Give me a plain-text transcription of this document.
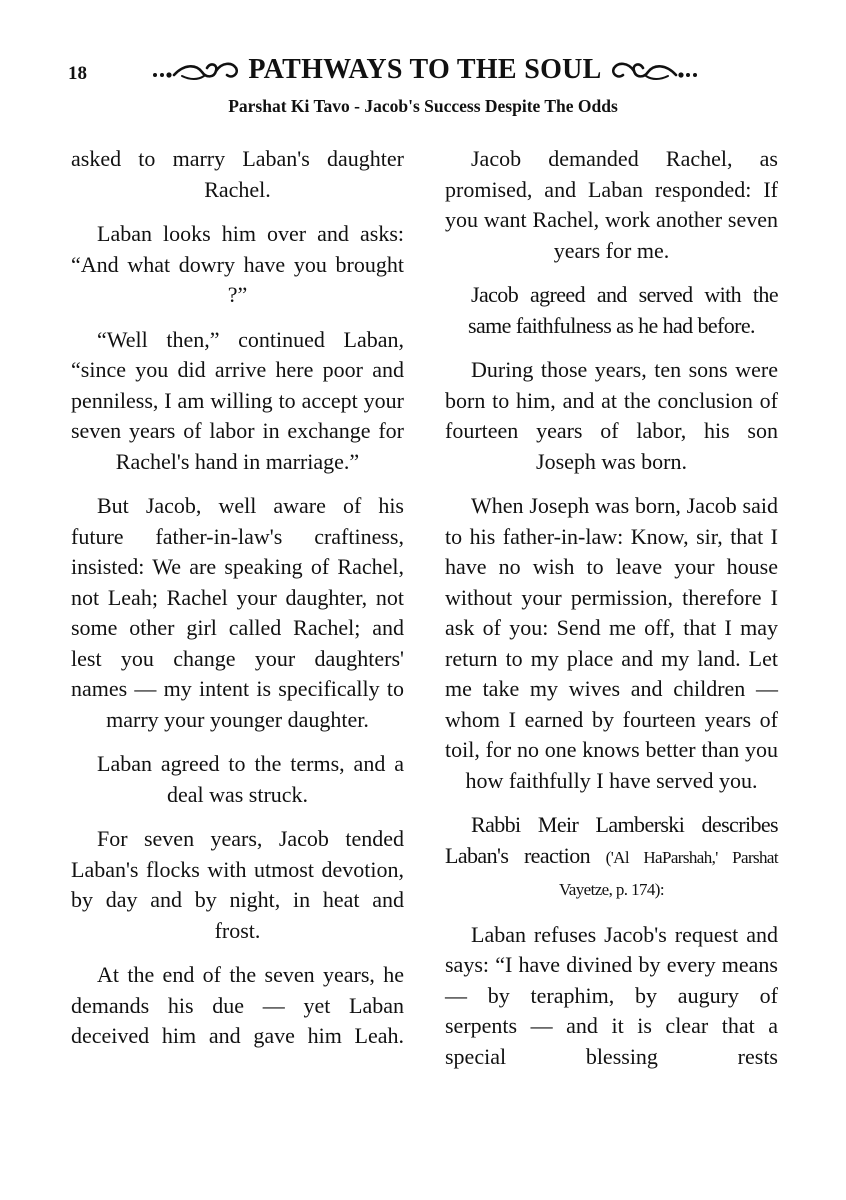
18	PATHWAYS TO THE SOUL
Parshat Ki Tavo - Jacob's Success Despite The Odds

asked to marry Laban's daughter Rachel.

Laban looks him over and asks: “And what dowry have you brought ?”

“Well then,” continued Laban, “since you did arrive here poor and penniless, I am willing to accept your seven years of labor in exchange for Rachel's hand in marriage.”

But Jacob, well aware of his future father-in-law's craftiness, insisted: We are speaking of Rachel, not Leah; Rachel your daughter, not some other girl called Rachel; and lest you change your daughters' names — my intent is specifically to marry your younger daughter.

Laban agreed to the terms, and a deal was struck.

For seven years, Jacob tended Laban's flocks with utmost devotion, by day and by night, in heat and frost.

At the end of the seven years, he demands his due — yet Laban deceived him and gave him Leah.

Jacob demanded Rachel, as promised, and Laban responded: If you want Rachel, work another seven years for me.

Jacob agreed and served with the same faithfulness as he had before.

During those years, ten sons were born to him, and at the conclusion of fourteen years of labor, his son Joseph was born.

When Joseph was born, Jacob said to his father-in-law: Know, sir, that I have no wish to leave your house without your permission, therefore I ask of you: Send me off, that I may return to my place and my land. Let me take my wives and children — whom I earned by fourteen years of toil, for no one knows better than you how faithfully I have served you.

Rabbi Meir Lamberski describes Laban's reaction ('Al HaParshah,' Parshat Vayetze, p. 174):

Laban refuses Jacob's request and says: “I have divined by every means — by teraphim, by augury of serpents — and it is clear that a special blessing rests
